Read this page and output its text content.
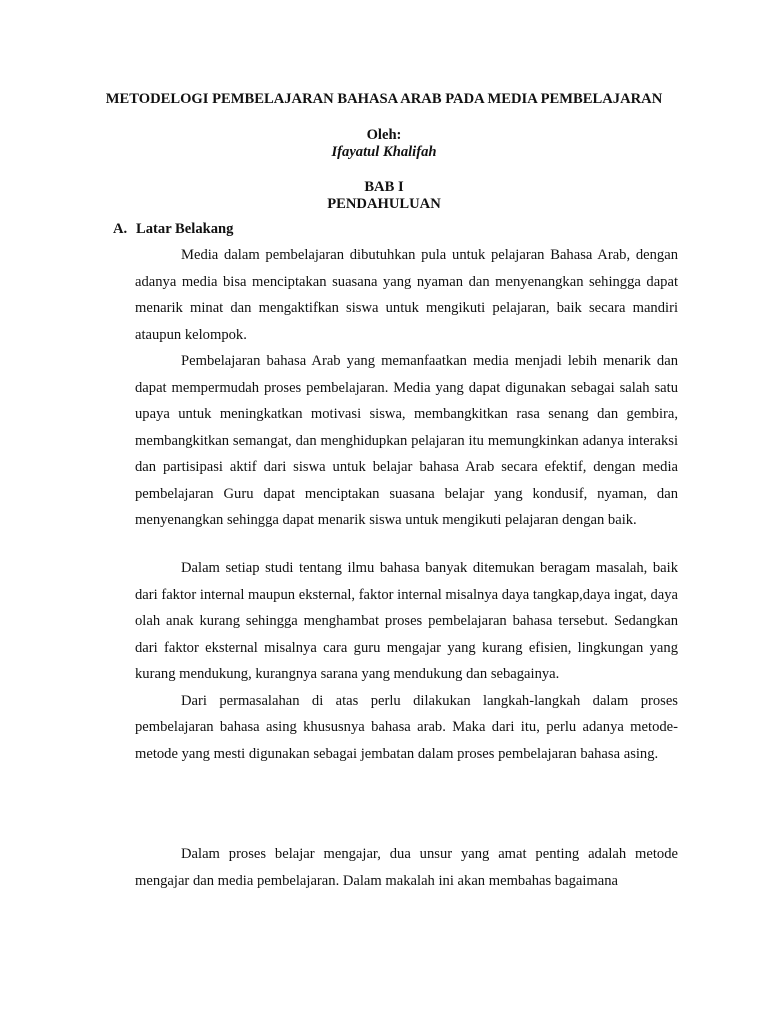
METODELOGI PEMBELAJARAN BAHASA ARAB PADA MEDIA PEMBELAJARAN
Oleh:
Ifayatul Khalifah
BAB I
PENDAHULUAN
A. Latar Belakang

Media dalam pembelajaran dibutuhkan pula untuk pelajaran Bahasa Arab, dengan adanya media bisa menciptakan suasana yang nyaman dan menyenangkan sehingga dapat menarik minat dan mengaktifkan siswa untuk mengikuti pelajaran, baik secara mandiri ataupun kelompok.

Pembelajaran bahasa Arab yang memanfaatkan media menjadi lebih menarik dan dapat mempermudah proses pembelajaran. Media yang dapat digunakan sebagai salah satu upaya untuk meningkatkan motivasi siswa, membangkitkan rasa senang dan gembira, membangkitkan semangat, dan menghidupkan pelajaran itu memungkinkan adanya interaksi dan partisipasi aktif dari siswa untuk belajar bahasa Arab secara efektif, dengan media pembelajaran Guru dapat menciptakan suasana belajar yang kondusif, nyaman, dan menyenangkan sehingga dapat menarik siswa untuk mengikuti pelajaran dengan baik.

Dalam setiap studi tentang ilmu bahasa banyak ditemukan beragam masalah, baik dari faktor internal maupun eksternal, faktor internal misalnya daya tangkap,daya ingat, daya olah anak kurang sehingga menghambat proses pembelajaran bahasa tersebut. Sedangkan dari faktor eksternal misalnya cara guru mengajar yang kurang efisien, lingkungan yang kurang mendukung, kurangnya sarana yang mendukung dan sebagainya.

Dari permasalahan di atas perlu dilakukan langkah-langkah dalam proses pembelajaran bahasa asing khususnya bahasa arab. Maka dari itu, perlu adanya metode-metode yang mesti digunakan sebagai jembatan dalam proses pembelajaran bahasa asing.

Dalam proses belajar mengajar, dua unsur yang amat penting adalah metode mengajar dan media pembelajaran. Dalam makalah ini akan membahas bagaimana
